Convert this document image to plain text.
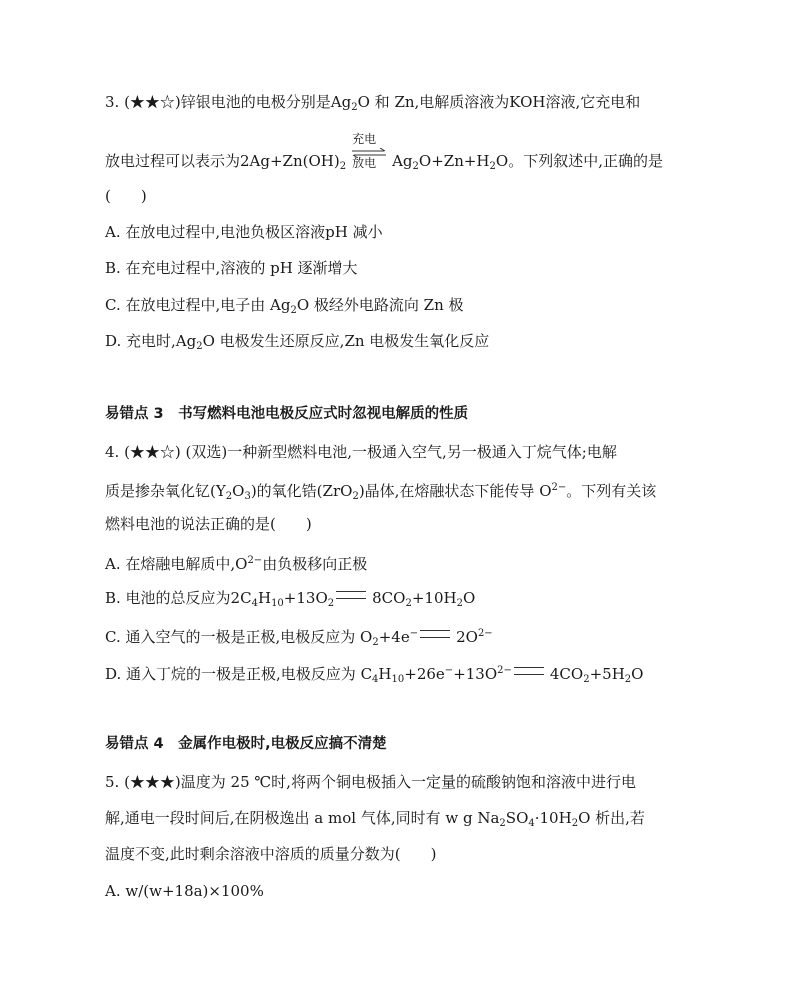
3. (★★☆)锌银电池的电极分别是$Ag_2O$ 和 Zn,电解质溶液为KOH溶液,它充电和
放电过程可以表示为$2Ag+Zn(OH)_2$
充电
放电 $Ag_2O+Zn+H_2O$。下列叙述中,正确的是
(　　)
A. 在放电过程中,电池负极区溶液pH 减小
B. 在充电过程中,溶液的 pH 逐渐增大
C. 在放电过程中,电子由 $Ag_2O$ 极经外电路流向 Zn 极
D. 充电时$,Ag_2O$ 电极发生还原反应,Zn 电极发生氧化反应
易错点 3　书写燃料电池电极反应式时忽视电解质的性质
4. (★★☆) (双选)一种新型燃料电池,一极通入空气,另一极通入丁烷气体;电解
质是掺杂氧化钇$(Y_2O_3)$的氧化锆(ZrO$_2$)晶体,在熔融状态下能传导 $O^{2-}$。下列有关该
燃料电池的说法正确的是(　　)
A. 在熔融电解质中$,O^{2-}$由负极移向正极
B. 电池的总反应为$2C_4H_{10}+13O_2$	$8CO_2+10H_2O$
C. 通入空气的一极是正极,电极反应为 $O_2+4e^-$	$2O^{2-}$
D. 通入丁烷的一极是正极,电极反应为 $C_4H_{10}+26e^-+13O^{2-}$	$4CO_2+5H_2O$
易错点 4　金属作电极时,电极反应搞不清楚
5. (★★★)温度为 25 ℃时,将两个铜电极插入一定量的硫酸钠饱和溶液中进行电
解,通电一段时间后,在阴极逸出 a mol 气体,同时有 w g $Na_2SO_4\cdot 10H_2O$ 析出,若
温度不变,此时剩余溶液中溶质的质量分数为(　　)
A. w/(w+18a)×100%
